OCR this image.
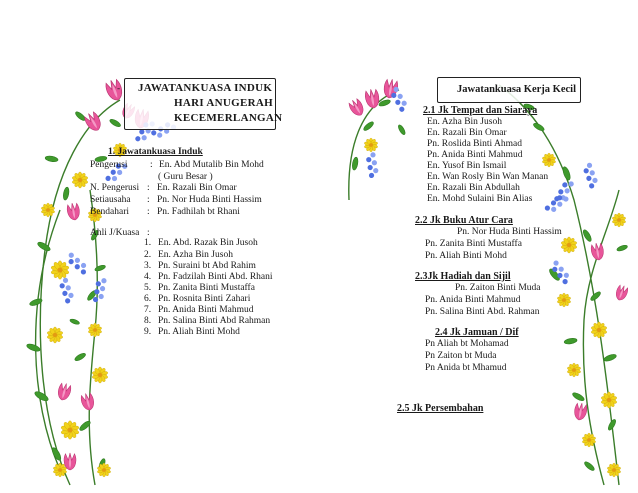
- JAWATANKUASA INDUK
HARI ANUGERAH
KECEMERLANGAN
1. Jawatankuasa Induk
Pengerusi : En. Abd Mutalib Bin Mohd
( Guru Besar )
N. Pengerusi : En. Razali Bin Omar
Setiausaha : Pn. Nor Huda Binti Hassim
Bendahari : Pn. Fadhilah bt Rhani
Ahli J/Kuasa :
1. En. Abd. Razak Bin Jusoh
2. En. Azha Bin Jusoh
3. Pn. Suraini bt Abd Rahim
4. Pn. Fadzilah Binti Abd. Rhani
5. Pn. Zanita Binti Mustaffa
6. Pn. Rosnita Binti Zahari
7. Pn. Anida Binti Mahmud
8. Pn. Salina Binti Abd Rahman
9. Pn. Aliah Binti Mohd
Jawatankuasa Kerja Kecil
2.1 Jk Tempat dan Siaraya
En. Azha Bin Jusoh
En. Razali Bin Omar
Pn. Roslida Binti Ahmad
Pn. Anida Binti Mahmud
En. Yusof Bin Ismail
En. Wan Rosly Bin Wan Manan
En. Razali Bin Abdullah
En. Mohd Sulaini Bin Alias
2.2 Jk Buku Atur Cara
Pn. Nor Huda Binti Hassim
Pn. Zanita Binti Mustaffa
Pn. Aliah Binti Mohd
2.3Jk Hadiah dan Sijil
Pn. Zaiton Binti Muda
Pn. Anida Binti Mahmud
Pn. Salina Binti Abd. Rahman
2.4 Jk Jamuan / Dif
Pn Aliah bt Mohamad
Pn Zaiton bt Muda
Pn Anida bt Mhamud
2.5 Jk Persembahan
